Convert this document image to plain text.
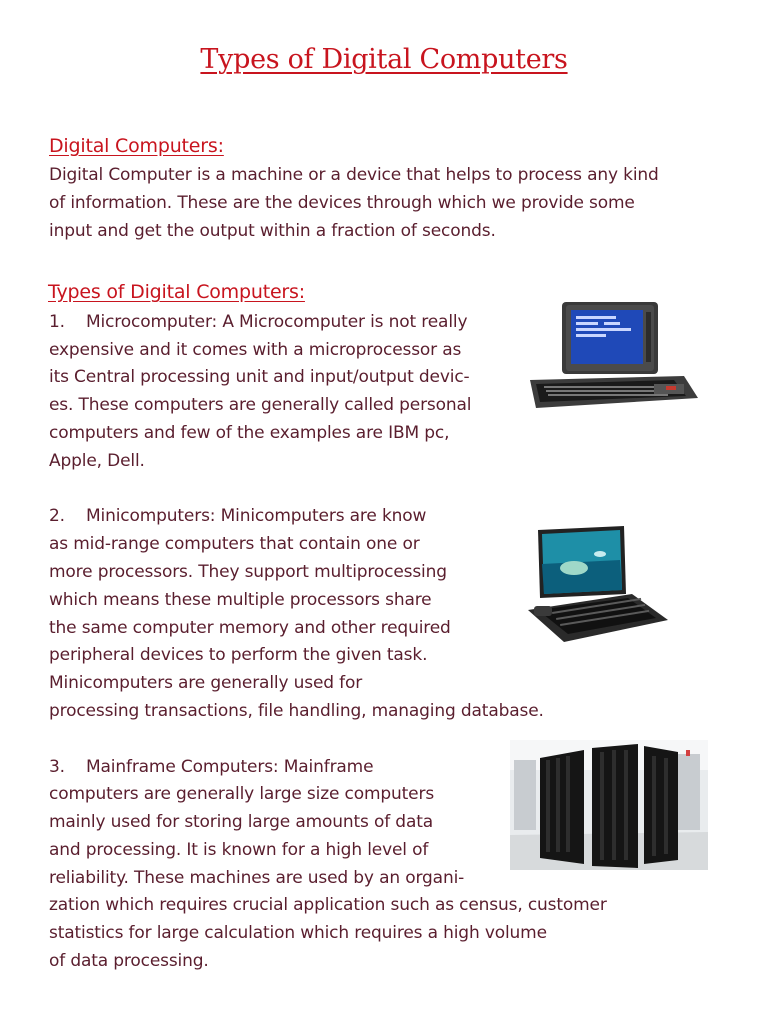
Types of Digital Computers
Digital Computers:
Digital Computer is a machine or a device that helps to process any kind
of information. These are the devices through which we provide some
input and get the output within a fraction of seconds.
Types of Digital Computers:
1. Microcomputer: A Microcomputer is not really
expensive and it comes with a microprocessor as
its Central processing unit and input/output devic-
es. These computers are generally called personal
computers and few of the examples are IBM pc,
Apple, Dell.
2. Minicomputers: Minicomputers are know
as mid-range computers that contain one or
more processors. They support multiprocessing
which means these multiple processors share
the same computer memory and other required
peripheral devices to perform the given task.
Minicomputers are generally used for
processing transactions, file handling, managing database.
3. Mainframe Computers: Mainframe
computers are generally large size computers
mainly used for storing large amounts of data
and processing. It is known for a high level of
reliability. These machines are used by an organi-
zation which requires crucial application such as census, customer
statistics for large calculation which requires a high volume
of data processing.
